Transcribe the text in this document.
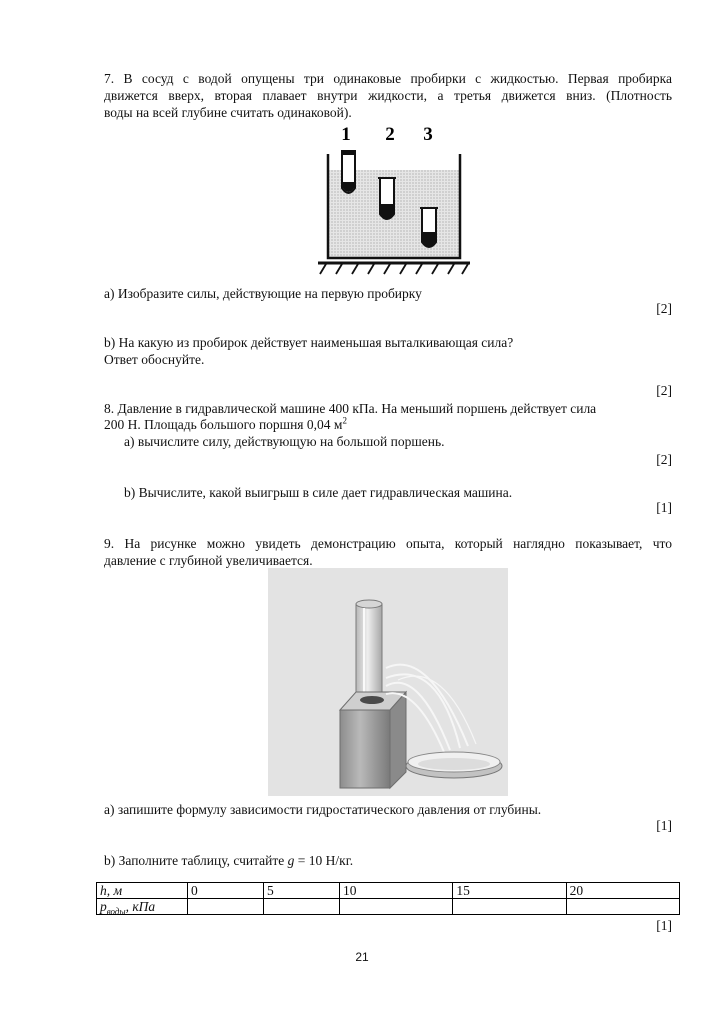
7. В сосуд с водой опущены три одинаковые пробирки с жидкостью. Первая пробирка
движется вверх, вторая плавает внутри жидкости, а третья движется вниз. (Плотность
воды на всей глубине считать одинаковой).
1 2 3
a) Изобразите силы, действующие на первую пробирку
[2]
b) На какую из пробирок действует наименьшая выталкивающая сила?
Ответ обоснуйте.
[2]
8. Давление в гидравлической машине 400 кПа. На меньший поршень действует сила
200 Н. Площадь большого поршня 0,04 $м^2$
a) вычислите силу, действующую на большой поршень.
[2]
b) Вычислите, какой выигрыш в силе дает гидравлическая машина.
[1]
9. На рисунке можно увидеть демонстрацию опыта, который наглядно показывает, что
давление с глубиной увеличивается.
a) запишите формулу зависимости гидростатического давления от глубины.
[1]
b) Заполните таблицу, считайте g = 10 Н/кг.
h, м	0	5	10	15	20
$p_{воды}$, кПа					
[1]
21
